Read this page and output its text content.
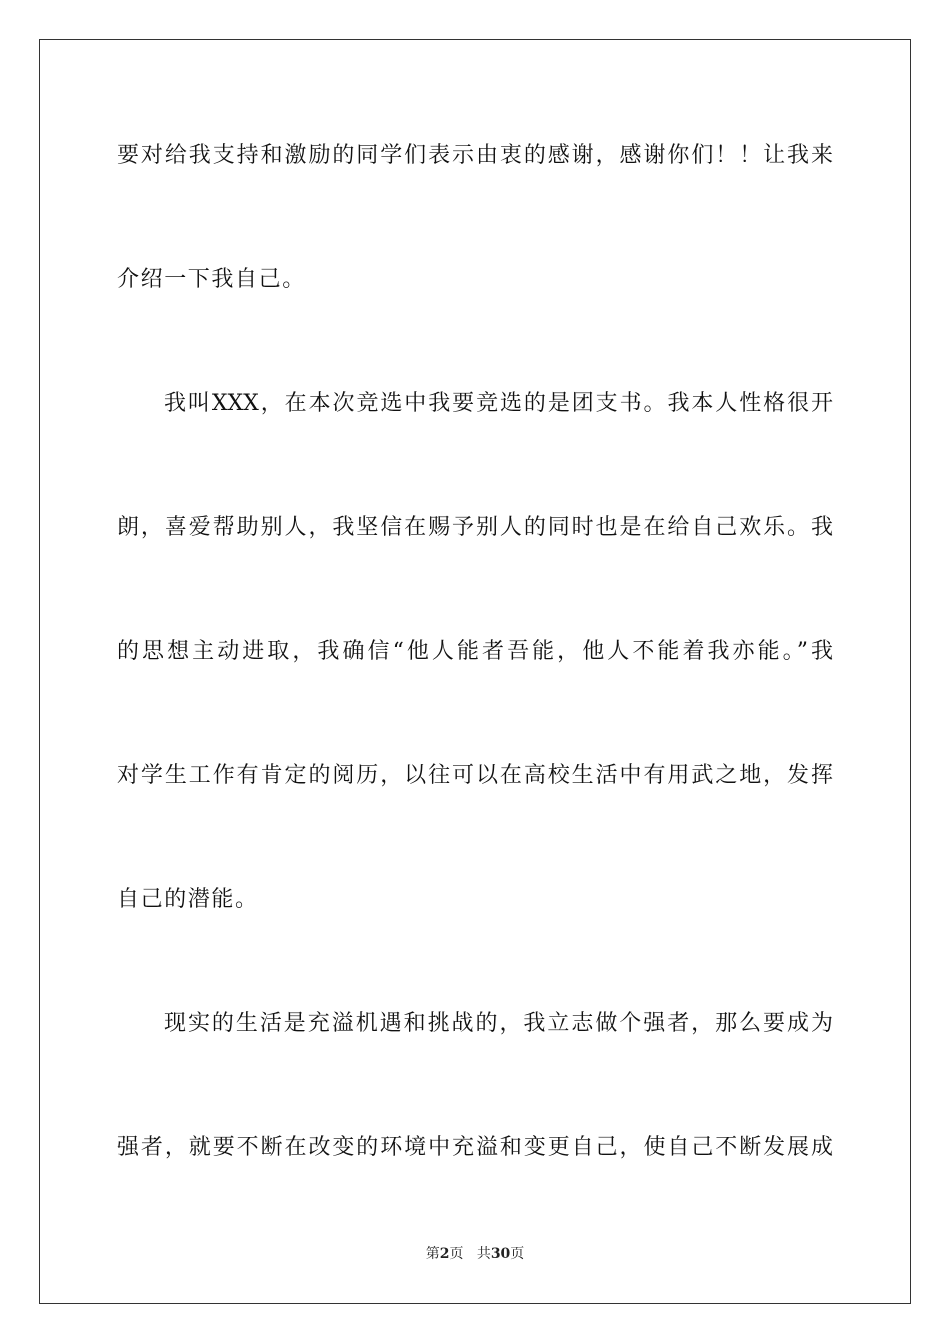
要对给我支持和激励的同学们表示由衷的感谢，感谢你们！！让我来
介绍一下我自己。
我叫XXX，在本次竞选中我要竞选的是团支书。我本人性格很开
朗，喜爱帮助别人，我坚信在赐予别人的同时也是在给自己欢乐。我
的思想主动进取，我确信“他人能者吾能，他人不能着我亦能。”我
对学生工作有肯定的阅历，以往可以在高校生活中有用武之地，发挥
自己的潜能。
现实的生活是充溢机遇和挑战的，我立志做个强者，那么要成为
强者，就要不断在改变的环境中充溢和变更自己，使自己不断发展成
第2页 共30页
